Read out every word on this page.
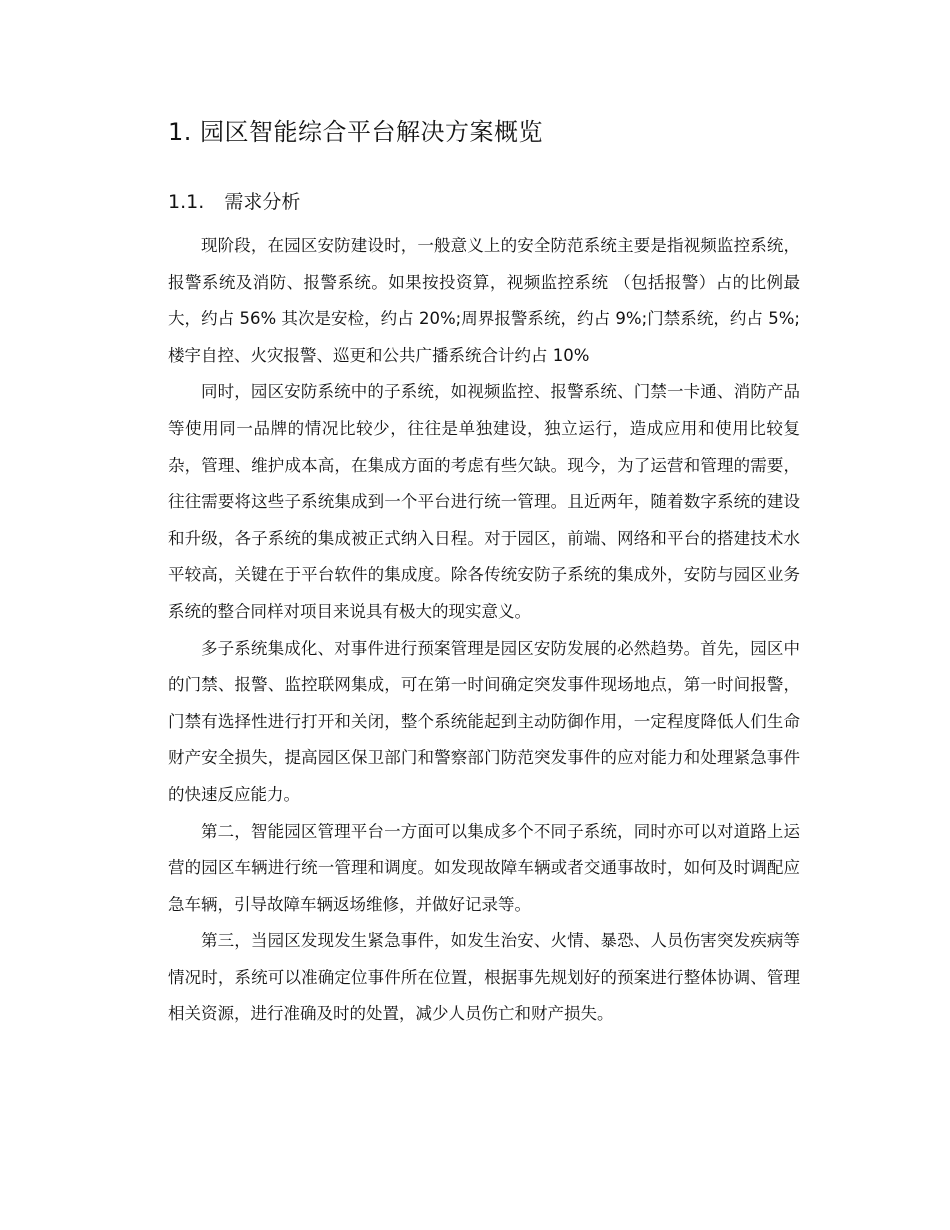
1. 园区智能综合平台解决方案概览
1.1. 需求分析

现阶段，在园区安防建设时，一般意义上的安全防范系统主要是指视频监控系统，报警系统及消防、报警系统。如果按投资算，视频监控系统 （包括报警）占的比例最大，约占 56% 其次是安检，约占 20%;周界报警系统，约占 9%;门禁系统，约占 5%;楼宇自控、火灾报警、巡更和公共广播系统合计约占 10%

同时，园区安防系统中的子系统，如视频监控、报警系统、门禁一卡通、消防产品等使用同一品牌的情况比较少，往往是单独建设，独立运行，造成应用和使用比较复杂，管理、维护成本高，在集成方面的考虑有些欠缺。现今，为了运营和管理的需要，往往需要将这些子系统集成到一个平台进行统一管理。且近两年，随着数字系统的建设和升级，各子系统的集成被正式纳入日程。对于园区，前端、网络和平台的搭建技术水平较高，关键在于平台软件的集成度。除各传统安防子系统的集成外，安防与园区业务系统的整合同样对项目来说具有极大的现实意义。

多子系统集成化、对事件进行预案管理是园区安防发展的必然趋势。首先，园区中的门禁、报警、监控联网集成，可在第一时间确定突发事件现场地点，第一时间报警，门禁有选择性进行打开和关闭，整个系统能起到主动防御作用，一定程度降低人们生命财产安全损失，提高园区保卫部门和警察部门防范突发事件的应对能力和处理紧急事件的快速反应能力。

第二，智能园区管理平台一方面可以集成多个不同子系统，同时亦可以对道路上运营的园区车辆进行统一管理和调度。如发现故障车辆或者交通事故时，如何及时调配应急车辆，引导故障车辆返场维修，并做好记录等。

第三，当园区发现发生紧急事件，如发生治安、火情、暴恐、人员伤害突发疾病等情况时，系统可以准确定位事件所在位置，根据事先规划好的预案进行整体协调、管理相关资源，进行准确及时的处置，减少人员伤亡和财产损失。
